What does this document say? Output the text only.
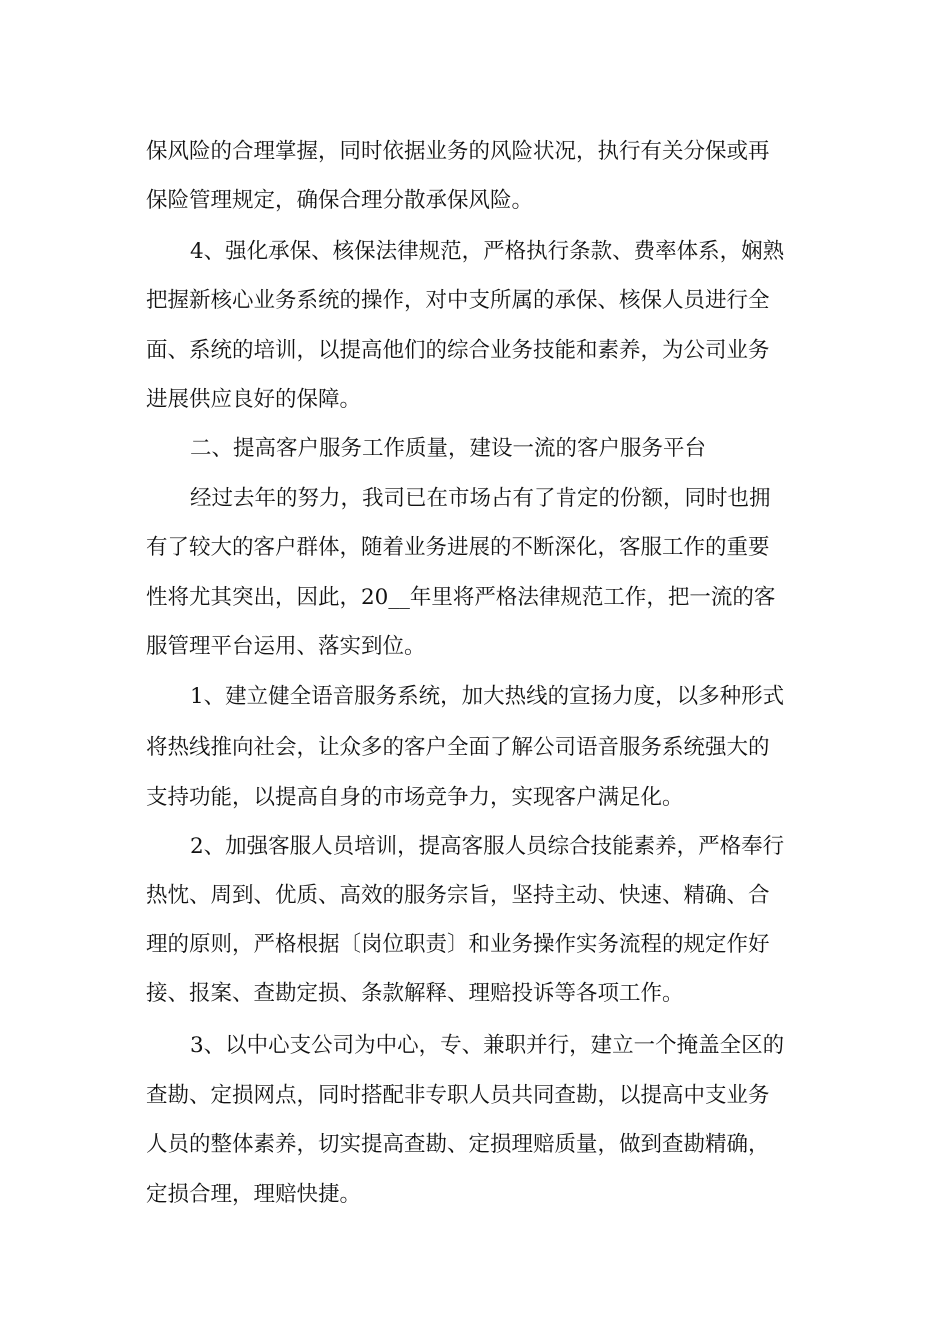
保风险的合理掌握，同时依据业务的风险状况，执行有关分保或再
保险管理规定，确保合理分散承保风险。
4、强化承保、核保法律规范，严格执行条款、费率体系，娴熟
把握新核心业务系统的操作，对中支所属的承保、核保人员进行全
面、系统的培训，以提高他们的综合业务技能和素养，为公司业务
进展供应良好的保障。
二、提高客户服务工作质量，建设一流的客户服务平台
经过去年的努力，我司已在市场占有了肯定的份额，同时也拥
有了较大的客户群体，随着业务进展的不断深化，客服工作的重要
性将尤其突出，因此，20__年里将严格法律规范工作，把一流的客
服管理平台运用、落实到位。
1、建立健全语音服务系统，加大热线的宣扬力度，以多种形式
将热线推向社会，让众多的客户全面了解公司语音服务系统强大的
支持功能，以提高自身的市场竞争力，实现客户满足化。
2、加强客服人员培训，提高客服人员综合技能素养，严格奉行
热忱、周到、优质、高效的服务宗旨，坚持主动、快速、精确、合
理的原则，严格根据〔岗位职责〕和业务操作实务流程的规定作好
接、报案、查勘定损、条款解释、理赔投诉等各项工作。
3、以中心支公司为中心，专、兼职并行，建立一个掩盖全区的
查勘、定损网点，同时搭配非专职人员共同查勘，以提高中支业务
人员的整体素养，切实提高查勘、定损理赔质量，做到查勘精确，
定损合理，理赔快捷。
